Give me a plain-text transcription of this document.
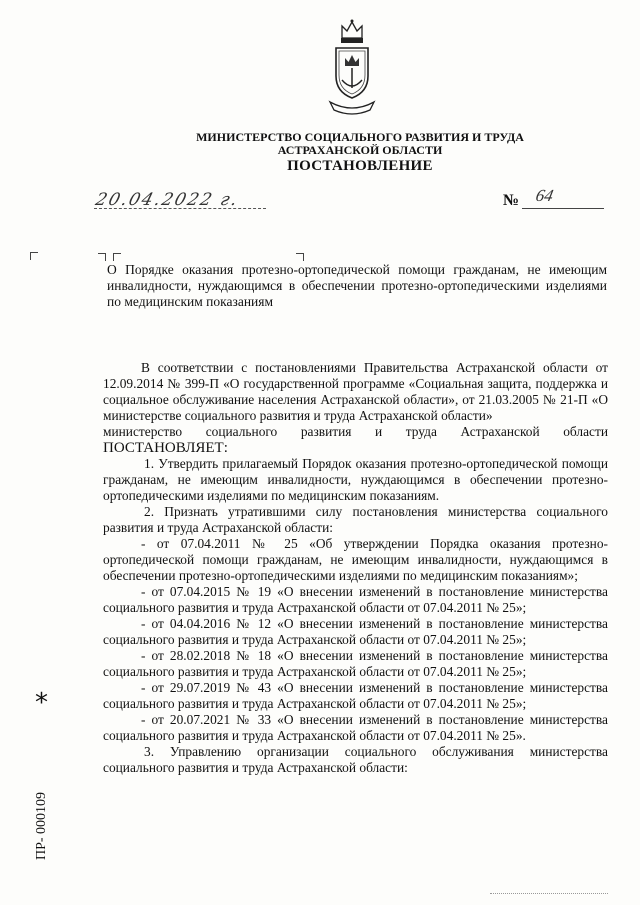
МИНИСТЕРСТВО СОЦИАЛЬНОГО РАЗВИТИЯ И ТРУДА
АСТРАХАНСКОЙ ОБЛАСТИ
ПОСТАНОВЛЕНИЕ
20.04.2022 г.	№ 64
О Порядке оказания протезно-ортопедической помощи гражданам, не имеющим инвалидности, нуждающимся в обеспечении протезно-ортопедическими изделиями по медицинским показаниям

В соответствии с постановлениями Правительства Астраханской области от 12.09.2014 № 399-П «О государственной программе «Социальная защита, поддержка и социальное обслуживание населения Астраханской области», от 21.03.2005 № 21-П «О министерстве социального развития и труда Астраханской области»

министерство социального развития и труда Астраханской области

ПОСТАНОВЛЯЕТ:

1. Утвердить прилагаемый Порядок оказания протезно-ортопедической помощи гражданам, не имеющим инвалидности, нуждающимся в обеспечении протезно-ортопедическими изделиями по медицинским показаниям.

2. Признать утратившими силу постановления министерства социального развития и труда Астраханской области:

- от 07.04.2011 № 25 «Об утверждении Порядка оказания протезно-ортопедической помощи гражданам, не имеющим инвалидности, нуждающимся в обеспечении протезно-ортопедическими изделиями по медицинским показаниям»;

- от 07.04.2015 № 19 «О внесении изменений в постановление министерства социального развития и труда Астраханской области от 07.04.2011 № 25»;

- от 04.04.2016 № 12 «О внесении изменений в постановление министерства социального развития и труда Астраханской области от 07.04.2011 № 25»;

- от 28.02.2018 № 18 «О внесении изменений в постановление министерства социального развития и труда Астраханской области от 07.04.2011 № 25»;

- от 29.07.2019 № 43 «О внесении изменений в постановление министерства социального развития и труда Астраханской области от 07.04.2011 № 25»;

- от 20.07.2021 № 33 «О внесении изменений в постановление министерства социального развития и труда Астраханской области от 07.04.2011 № 25».

3. Управлению организации социального обслуживания министерства социального развития и труда Астраханской области:

*
ПР- 000109
